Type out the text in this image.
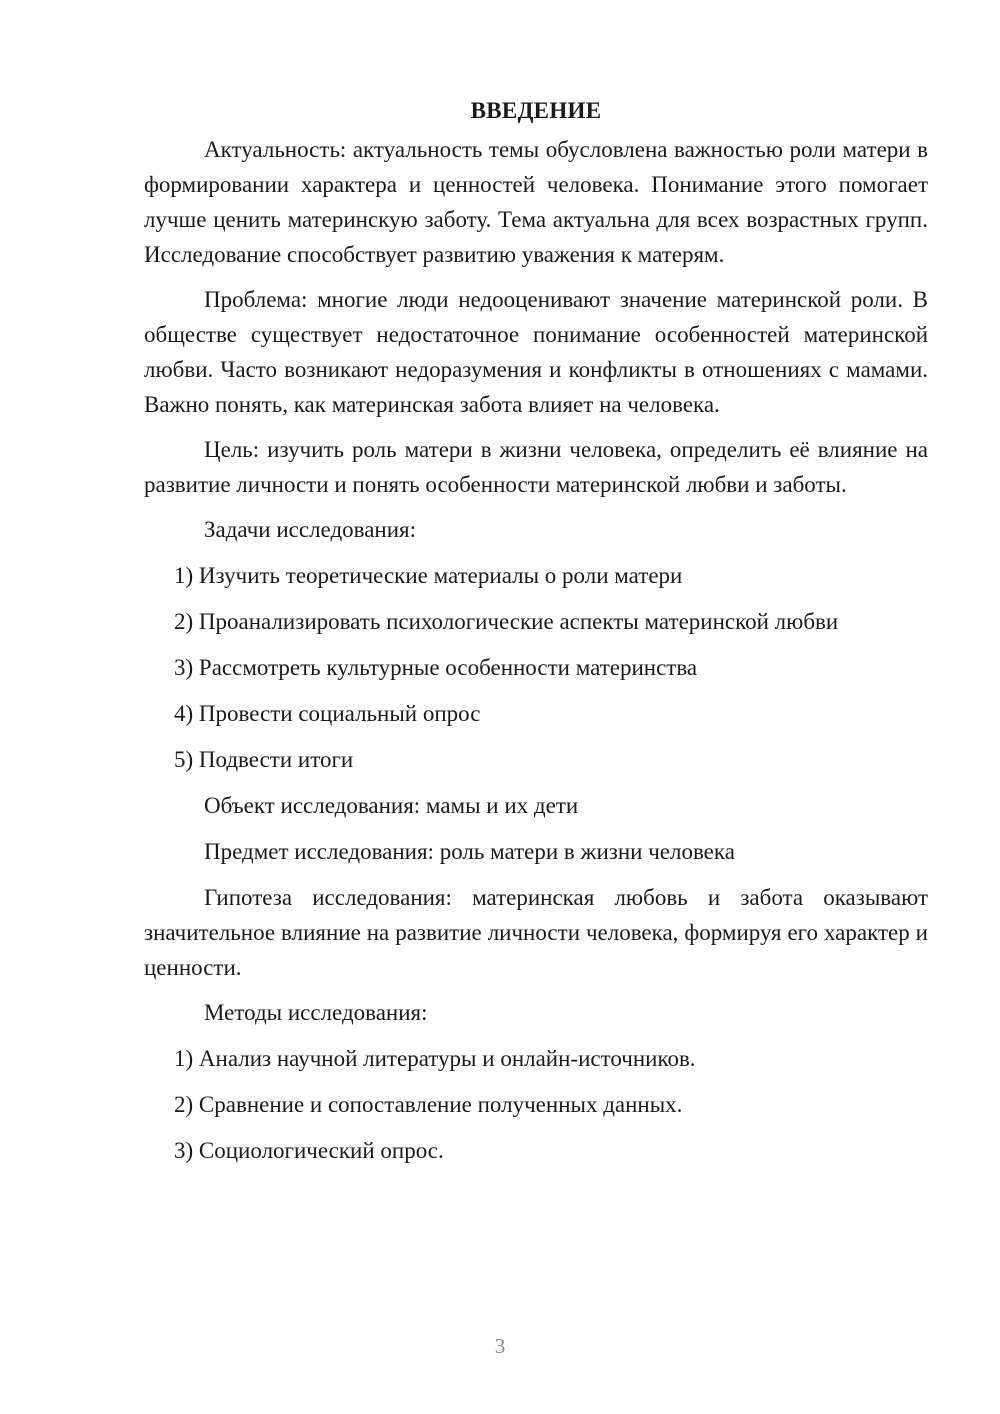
ВВЕДЕНИЕ

Актуальность: актуальность темы обусловлена важностью роли матери в формировании характера и ценностей человека. Понимание этого помогает лучше ценить материнскую заботу. Тема актуальна для всех возрастных групп. Исследование способствует развитию уважения к матерям.

Проблема: многие люди недооценивают значение материнской роли. В обществе существует недостаточное понимание особенностей материнской любви. Часто возникают недоразумения и конфликты в отношениях с мамами. Важно понять, как материнская забота влияет на человека.

Цель: изучить роль матери в жизни человека, определить её влияние на развитие личности и понять особенности материнской любви и заботы.

Задачи исследования:
1) Изучить теоретические материалы о роли матери
2) Проанализировать психологические аспекты материнской любви
3) Рассмотреть культурные особенности материнства
4) Провести социальный опрос
5) Подвести итоги
Объект исследования: мамы и их дети
Предмет исследования: роль матери в жизни человека

Гипотеза исследования: материнская любовь и забота оказывают значительное влияние на развитие личности человека, формируя его характер и ценности.

Методы исследования:
1) Анализ научной литературы и онлайн-источников.
2) Сравнение и сопоставление полученных данных.
3) Социологический опрос.
3
